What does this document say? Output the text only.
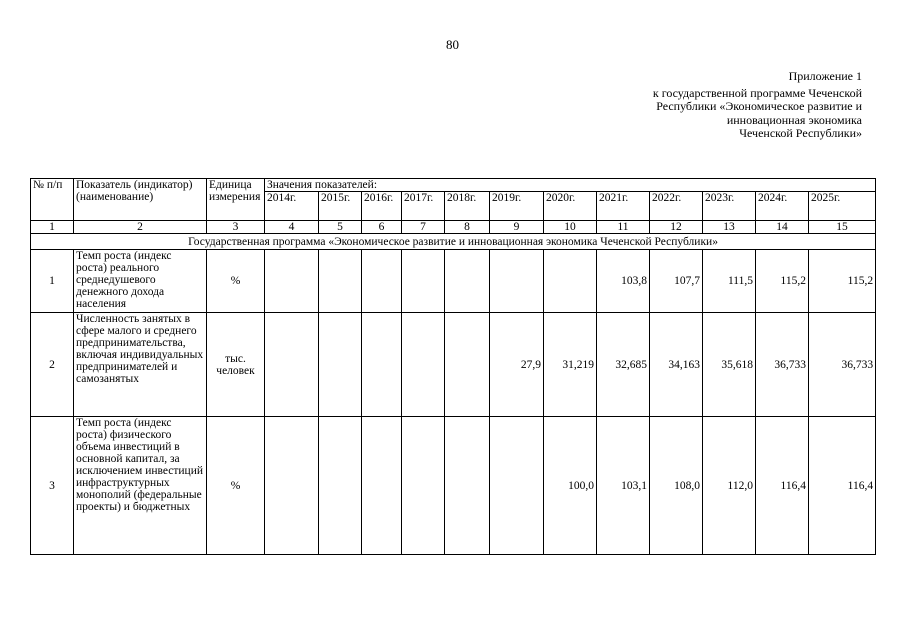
80
Приложение 1
к государственной программе Чеченской
Республики «Экономическое развитие и
инновационная экономика
Чеченской Республики»
№ п/п	Показатель (индикатор) (наименование)	Единица измерения	Значения показателей:											
			2014г.	2015г.	2016г.	2017г.	2018г.	2019г.	2020г.	2021г.	2022г.	2023г.	2024г.	2025г.
1	2	3	4	5	6	7	8	9	10	11	12	13	14	15
Государственная программа «Экономическое развитие и инновационная экономика Чеченской Республики»														
1	Темп роста (индекс роста) реального среднедушевого денежного дохода населения	%								103,8	107,7	111,5	115,2	115,2
2	Численность занятых в сфере малого и среднего предпринимательства, включая индивидуальных предпринимателей и самозанятых	тыс. человек						27,9	31,219	32,685	34,163	35,618	36,733	36,733
3	Темп роста (индекс роста) физического объема инвестиций в основной капитал, за исключением инвестиций инфраструктурных монополий (федеральные проекты) и бюджетных	%							100,0	103,1	108,0	112,0	116,4	116,4
